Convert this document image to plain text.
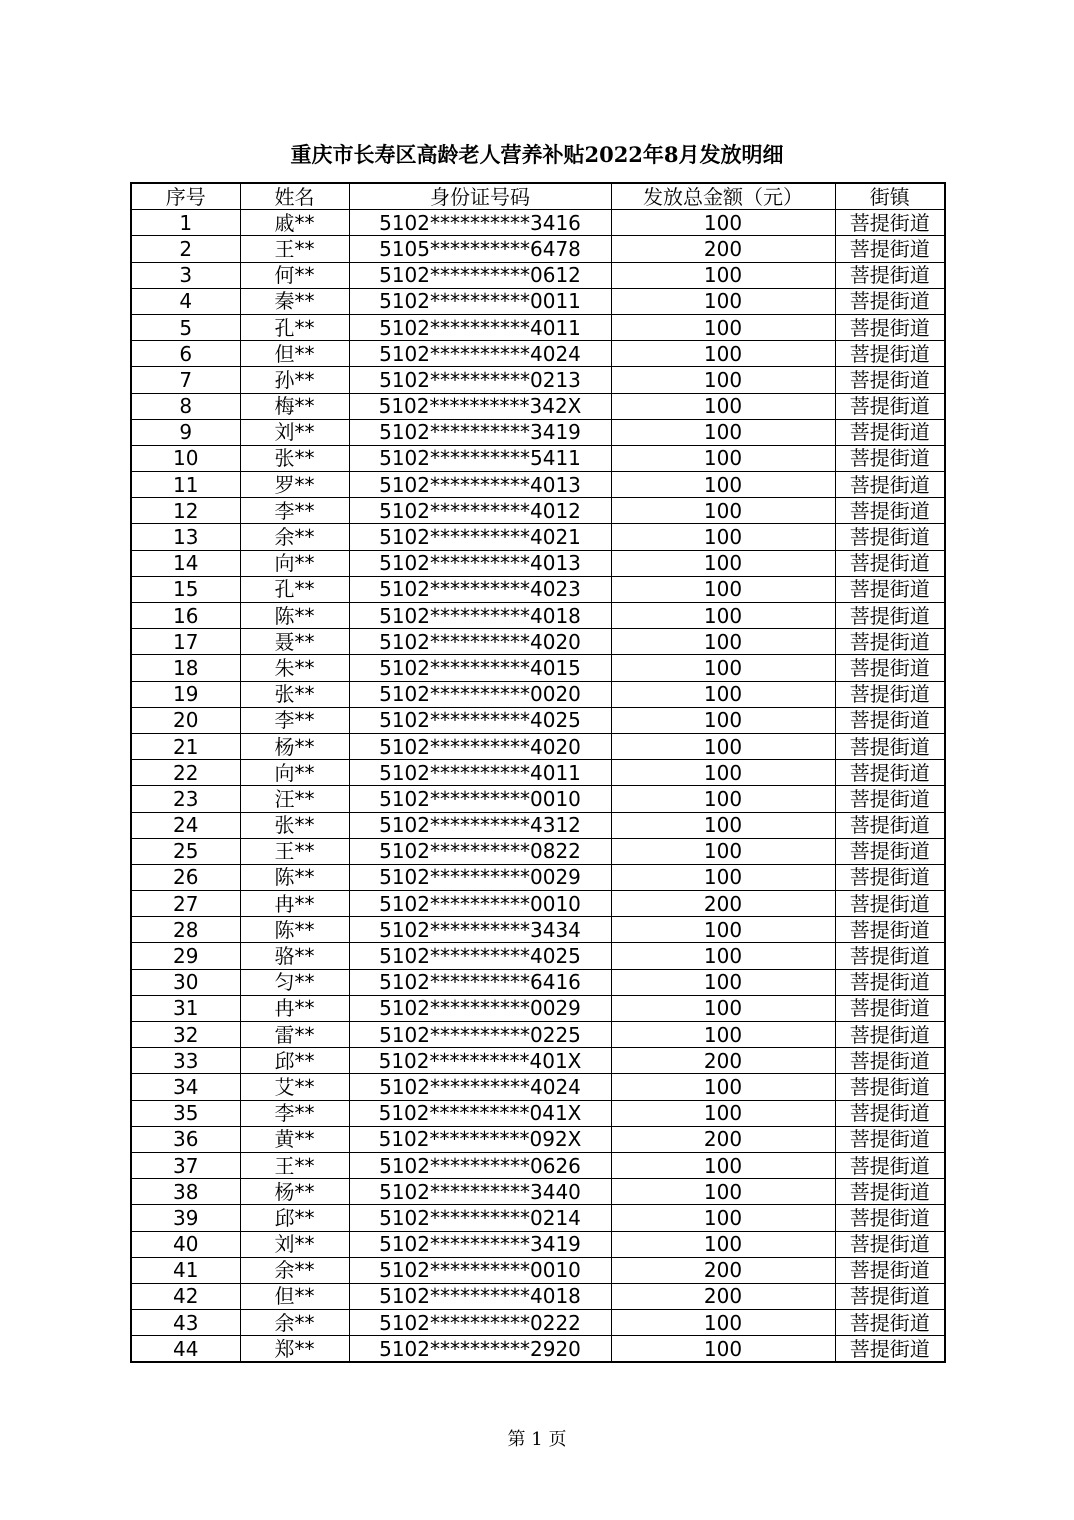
重庆市长寿区高龄老人营养补贴2022年8月发放明细
序号	姓名	身份证号码	发放总金额（元）	街镇
1	戚**	5102**********3416	100	菩提街道
2	王**	5105**********6478	200	菩提街道
3	何**	5102**********0612	100	菩提街道
4	秦**	5102**********0011	100	菩提街道
5	孔**	5102**********4011	100	菩提街道
6	但**	5102**********4024	100	菩提街道
7	孙**	5102**********0213	100	菩提街道
8	梅**	5102**********342X	100	菩提街道
9	刘**	5102**********3419	100	菩提街道
10	张**	5102**********5411	100	菩提街道
11	罗**	5102**********4013	100	菩提街道
12	李**	5102**********4012	100	菩提街道
13	余**	5102**********4021	100	菩提街道
14	向**	5102**********4013	100	菩提街道
15	孔**	5102**********4023	100	菩提街道
16	陈**	5102**********4018	100	菩提街道
17	聂**	5102**********4020	100	菩提街道
18	朱**	5102**********4015	100	菩提街道
19	张**	5102**********0020	100	菩提街道
20	李**	5102**********4025	100	菩提街道
21	杨**	5102**********4020	100	菩提街道
22	向**	5102**********4011	100	菩提街道
23	汪**	5102**********0010	100	菩提街道
24	张**	5102**********4312	100	菩提街道
25	王**	5102**********0822	100	菩提街道
26	陈**	5102**********0029	100	菩提街道
27	冉**	5102**********0010	200	菩提街道
28	陈**	5102**********3434	100	菩提街道
29	骆**	5102**********4025	100	菩提街道
30	匀**	5102**********6416	100	菩提街道
31	冉**	5102**********0029	100	菩提街道
32	雷**	5102**********0225	100	菩提街道
33	邱**	5102**********401X	200	菩提街道
34	艾**	5102**********4024	100	菩提街道
35	李**	5102**********041X	100	菩提街道
36	黄**	5102**********092X	200	菩提街道
37	王**	5102**********0626	100	菩提街道
38	杨**	5102**********3440	100	菩提街道
39	邱**	5102**********0214	100	菩提街道
40	刘**	5102**********3419	100	菩提街道
41	余**	5102**********0010	200	菩提街道
42	但**	5102**********4018	200	菩提街道
43	余**	5102**********0222	100	菩提街道
44	郑**	5102**********2920	100	菩提街道
第 1 页
